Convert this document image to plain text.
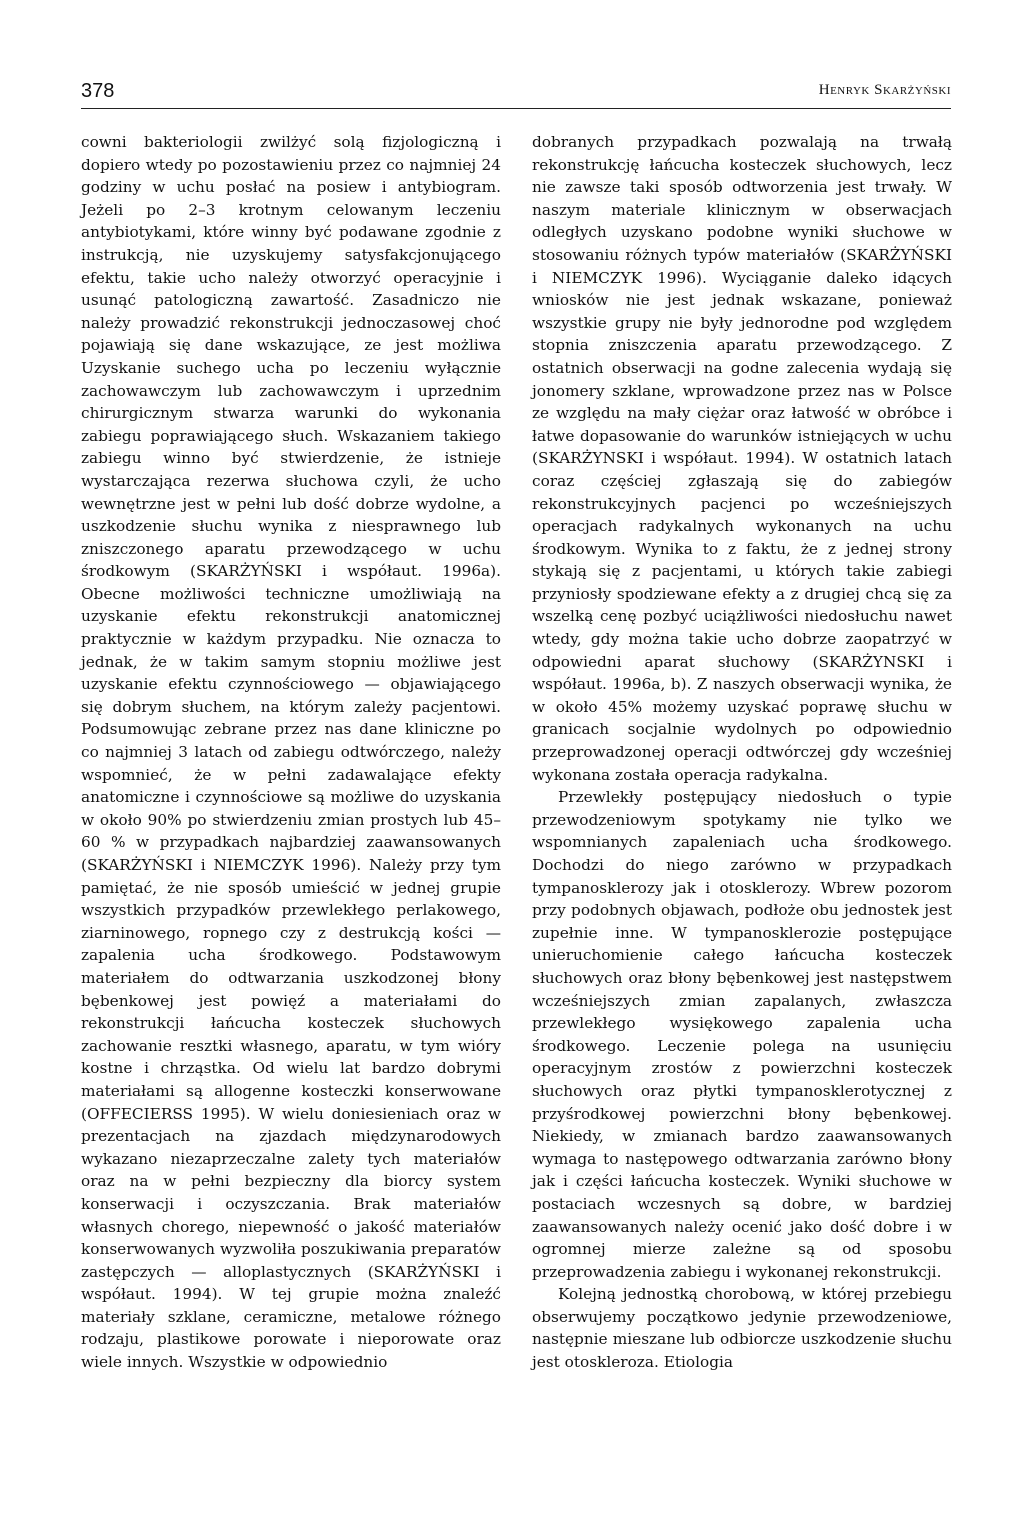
378	Henryk Skarżyński

cowni bakteriologii zwilżyć solą fizjologiczną i dopiero wtedy po pozostawieniu przez co najmniej 24 godziny w uchu posłać na posiew i antybiogram. Jeżeli po 2–3 krotnym celowanym leczeniu antybiotykami, które winny być podawane zgodnie z instrukcją, nie uzyskujemy satysfakcjonującego efektu, takie ucho należy otworzyć operacyjnie i usunąć patologiczną zawartość. Zasadniczo nie należy prowadzić rekonstrukcji jednoczasowej choć pojawiają się dane wskazujące, ze jest możliwa Uzyskanie suchego ucha po leczeniu wyłącznie zachowawczym lub zachowawczym i uprzednim chirurgicznym stwarza warunki do wykonania zabiegu poprawiającego słuch. Wskazaniem takiego zabiegu winno być stwierdzenie, że istnieje wystarczająca rezerwa słuchowa czyli, że ucho wewnętrzne jest w pełni lub dość dobrze wydolne, a uszkodzenie słuchu wynika z niesprawnego lub zniszczonego aparatu przewodzącego w uchu środkowym (SKARŻYŃSKI i współaut. 1996a). Obecne możliwości techniczne umożliwiają na uzyskanie efektu rekonstrukcji anatomicznej praktycznie w każdym przypadku. Nie oznacza to jednak, że w takim samym stopniu możliwe jest uzyskanie efektu czynnościowego — objawiającego się dobrym słuchem, na którym zależy pacjentowi. Podsumowując zebrane przez nas dane kliniczne po co najmniej 3 latach od zabiegu odtwórczego, należy wspomnieć, że w pełni zadawalające efekty anatomiczne i czynnościowe są możliwe do uzyskania w około 90% po stwierdzeniu zmian prostych lub 45–60 % w przypadkach najbardziej zaawansowanych (SKARŻYŃSKI i NIEMCZYK 1996). Należy przy tym pamiętać, że nie sposób umieścić w jednej grupie wszystkich przypadków przewlekłego perlakowego, ziarninowego, ropnego czy z destrukcją kości — zapalenia ucha środkowego. Podstawowym materiałem do odtwarzania uszkodzonej błony bębenkowej jest powięź a materiałami do rekonstrukcji łańcucha kosteczek słuchowych zachowanie resztki własnego, aparatu, w tym wióry kostne i chrząstka. Od wielu lat bardzo dobrymi materiałami są allogenne kosteczki konserwowane (OFFECIERSS 1995). W wielu doniesieniach oraz w prezentacjach na zjazdach międzynarodowych wykazano niezaprzeczalne zalety tych materiałów oraz na w pełni bezpieczny dla biorcy system konserwacji i oczyszczania. Brak materiałów własnych chorego, niepewność o jakość materiałów konserwowanych wyzwoliła poszukiwania preparatów zastępczych — alloplastycznych (SKARŻYŃSKI i współaut. 1994). W tej grupie można znaleźć materiały szklane, ceramiczne, metalowe różnego rodzaju, plastikowe porowate i nieporowate oraz wiele innych. Wszystkie w odpowiednio

dobranych przypadkach pozwalają na trwałą rekonstrukcję łańcucha kosteczek słuchowych, lecz nie zawsze taki sposób odtworzenia jest trwały. W naszym materiale klinicznym w obserwacjach odległych uzyskano podobne wyniki słuchowe w stosowaniu różnych typów materiałów (SKARŻYŃSKI i NIEMCZYK 1996). Wyciąganie daleko idących wniosków nie jest jednak wskazane, ponieważ wszystkie grupy nie były jednorodne pod względem stopnia zniszczenia aparatu przewodzącego. Z ostatnich obserwacji na godne zalecenia wydają się jonomery szklane, wprowadzone przez nas w Polsce ze względu na mały ciężar oraz łatwość w obróbce i łatwe dopasowanie do warunków istniejących w uchu (SKARŻYNSKI i współaut. 1994). W ostatnich latach coraz częściej zgłaszają się do zabiegów rekonstrukcyjnych pacjenci po wcześniejszych operacjach radykalnych wykonanych na uchu środkowym. Wynika to z faktu, że z jednej strony stykają się z pacjentami, u których takie zabiegi przyniosły spodziewane efekty a z drugiej chcą się za wszelką cenę pozbyć uciążliwości niedosłuchu nawet wtedy, gdy można takie ucho dobrze zaopatrzyć w odpowiedni aparat słuchowy (SKARŻYNSKI i współaut. 1996a, b). Z naszych obserwacji wynika, że w około 45% możemy uzyskać poprawę słuchu w granicach socjalnie wydolnych po odpowiednio przeprowadzonej operacji odtwórczej gdy wcześniej wykonana została operacja radykalna.

Przewlekły postępujący niedosłuch o typie przewodzeniowym spotykamy nie tylko we wspomnianych zapaleniach ucha środkowego. Dochodzi do niego zarówno w przypadkach tympanosklerozy jak i otosklerozy. Wbrew pozorom przy podobnych objawach, podłoże obu jednostek jest zupełnie inne. W tympanosklerozie postępujące unieruchomienie całego łańcucha kosteczek słuchowych oraz błony bębenkowej jest następstwem wcześniejszych zmian zapalanych, zwłaszcza przewlekłego wysiękowego zapalenia ucha środkowego. Leczenie polega na usunięciu operacyjnym zrostów z powierzchni kosteczek słuchowych oraz płytki tympanosklerotycznej z przyśrodkowej powierzchni błony bębenkowej. Niekiedy, w zmianach bardzo zaawansowanych wymaga to następowego odtwarzania zarówno błony jak i części łańcucha kosteczek. Wyniki słuchowe w postaciach wczesnych są dobre, w bardziej zaawansowanych należy ocenić jako dość dobre i w ogromnej mierze zależne są od sposobu przeprowadzenia zabiegu i wykonanej rekonstrukcji.

Kolejną jednostką chorobową, w której przebiegu obserwujemy początkowo jedynie przewodzeniowe, następnie mieszane lub odbiorcze uszkodzenie słuchu jest otoskleroza. Etiologia
